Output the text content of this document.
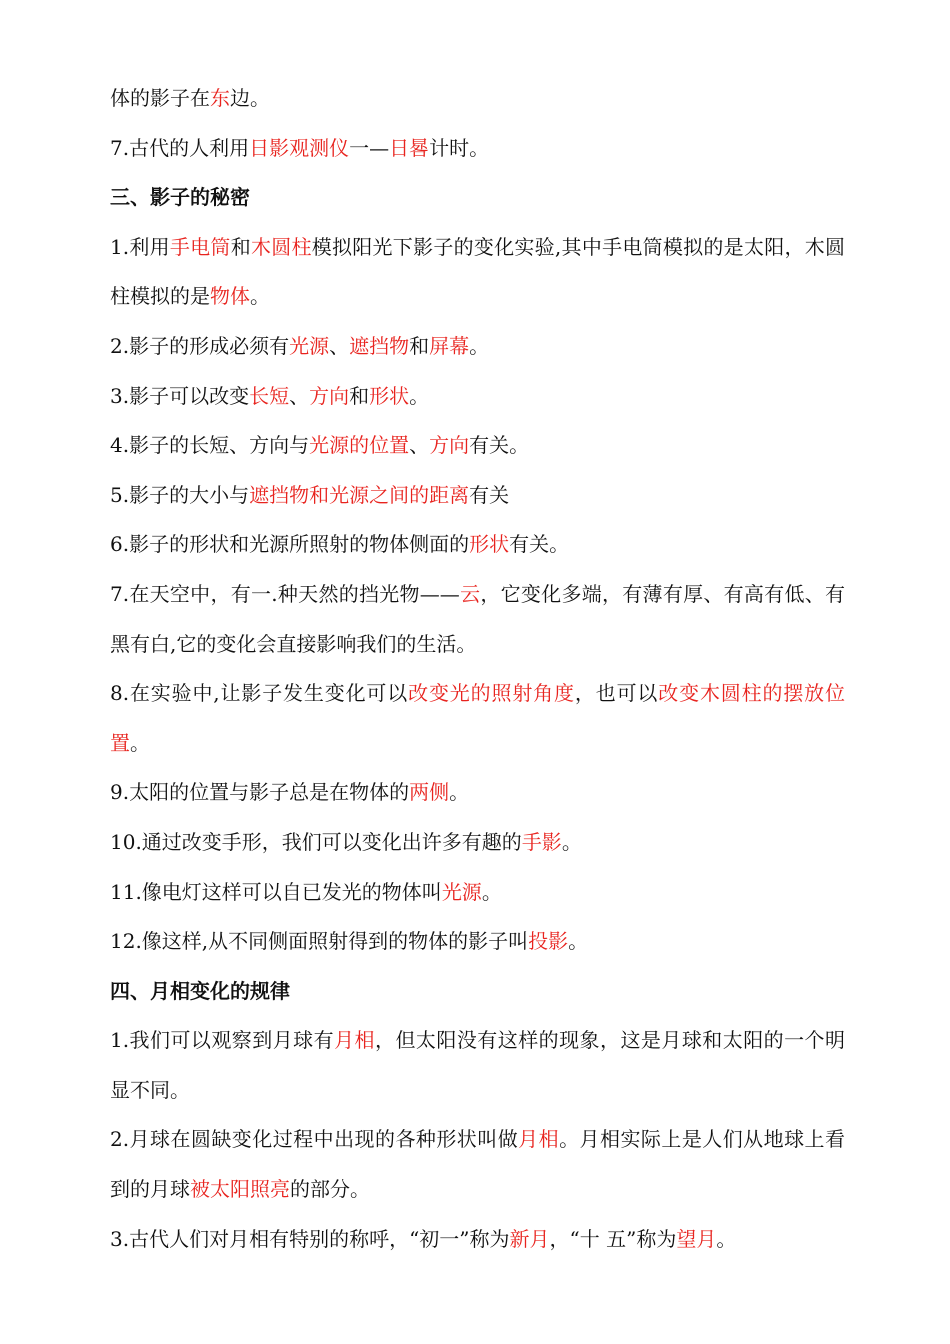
体的影子在东边。

7.古代的人利用日影观测仪一—日晷计时。

三、影子的秘密

1.利用手电筒和木圆柱模拟阳光下影子的变化实验,其中手电筒模拟的是太阳，木圆柱模拟的是物体。

2.影子的形成必须有光源、遮挡物和屏幕。

3.影子可以改变长短、方向和形状。

4.影子的长短、方向与光源的位置、方向有关。

5.影子的大小与遮挡物和光源之间的距离有关

6.影子的形状和光源所照射的物体侧面的形状有关。

7.在天空中，有一.种天然的挡光物——云，它变化多端，有薄有厚、有高有低、有黑有白,它的变化会直接影响我们的生活。

8.在实验中,让影子发生变化可以改变光的照射角度，也可以改变木圆柱的摆放位置。

9.太阳的位置与影子总是在物体的两侧。

10.通过改变手形，我们可以变化出许多有趣的手影。

11.像电灯这样可以自已发光的物体叫光源。

12.像这样,从不同侧面照射得到的物体的影子叫投影。

四、月相变化的规律

1.我们可以观察到月球有月相，但太阳没有这样的现象，这是月球和太阳的一个明显不同。

2.月球在圆缺变化过程中出现的各种形状叫做月相。月相实际上是人们从地球上看到的月球被太阳照亮的部分。

3.古代人们对月相有特别的称呼，“初一”称为新月，“十 五”称为望月。
